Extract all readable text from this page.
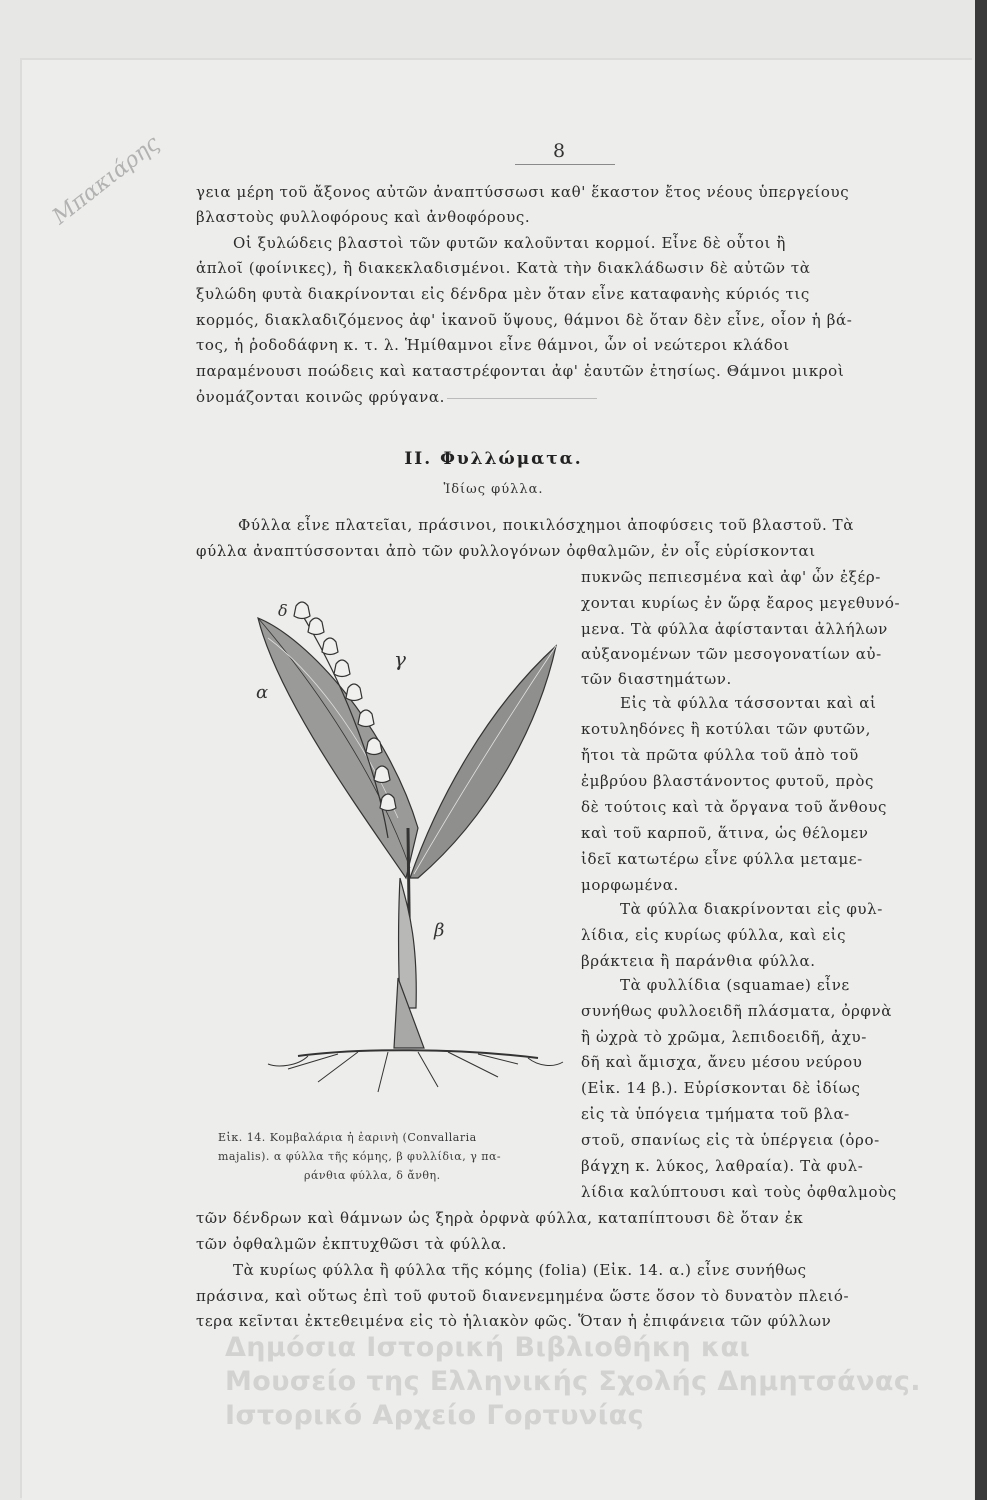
Μπακιάρης	8
γεια μέρη τοῦ ἄξονος αὐτῶν ἀναπτύσσωσι καθ' ἕκαστον ἔτος νέους ὑπεργείους
βλαστοὺς φυλλοφόρους καὶ ἀνθοφόρους.
Οἱ ξυλώδεις βλαστοὶ τῶν φυτῶν καλοῦνται κορμοί. Εἶνε δὲ οὗτοι ἢ
ἁπλοῖ (φοίνικες), ἢ διακεκλαδισμένοι. Κατὰ τὴν διακλάδωσιν δὲ αὐτῶν τὰ
ξυλώδη φυτὰ διακρίνονται εἰς δένδρα μὲν ὅταν εἶνε καταφανὴς κύριός τις
κορμός, διακλαδιζόμενος ἀφ' ἱκανοῦ ὕψους, θάμνοι δὲ ὅταν δὲν εἶνε, οἷον ἡ βά-
τος, ἡ ῥοδοδάφνη κ. τ. λ. Ἡμίθαμνοι εἶνε θάμνοι, ὧν οἱ νεώτεροι κλάδοι
παραμένουσι ποώδεις καὶ καταστρέφονται ἀφ' ἑαυτῶν ἐτησίως. Θάμνοι μικροὶ
ὀνομάζονται κοινῶς φρύγανα.
ΙΙ. Φυλλώματα.
Ἰδίως φύλλα.
Φύλλα εἶνε πλατεῖαι, πράσινοι, ποικιλόσχημοι ἀποφύσεις τοῦ βλαστοῦ. Τὰ
φύλλα ἀναπτύσσονται ἀπὸ τῶν φυλλογόνων ὀφθαλμῶν, ἐν οἷς εὑρίσκονται
πυκνῶς πεπιεσμένα καὶ ἀφ' ὧν ἐξέρ-
χονται κυρίως ἐν ὥρᾳ ἔαρος μεγεθυνό-
μενα. Τὰ φύλλα ἀφίστανται ἀλλήλων
αὐξανομένων τῶν μεσογονατίων αὐ-
τῶν διαστημάτων.
Εἰς τὰ φύλλα τάσσονται καὶ αἱ
κοτυληδόνες ἢ κοτύλαι τῶν φυτῶν,
ἤτοι τὰ πρῶτα φύλλα τοῦ ἀπὸ τοῦ
ἐμβρύου βλαστάνοντος φυτοῦ, πρὸς
δὲ τούτοις καὶ τὰ ὄργανα τοῦ ἄνθους
καὶ τοῦ καρποῦ, ἅτινα, ὡς θέλομεν
ἰδεῖ κατωτέρω εἶνε φύλλα μεταμε-
μορφωμένα.
Τὰ φύλλα διακρίνονται εἰς φυλ-
λίδια, εἰς κυρίως φύλλα, καὶ εἰς
βράκτεια ἢ παράνθια φύλλα.
Τὰ φυλλίδια (squamae) εἶνε
συνήθως φυλλοειδῆ πλάσματα, ὀρφνὰ
ἢ ὠχρὰ τὸ χρῶμα, λεπιδοειδῆ, ἀχυ-
δῆ καὶ ἄμισχα, ἄνευ μέσου νεύρου
(Εἰκ. 14 β.). Εὑρίσκονται δὲ ἰδίως
εἰς τὰ ὑπόγεια τμήματα τοῦ βλα-
στοῦ, σπανίως εἰς τὰ ὑπέργεια (ὀρο-
βάγχη κ. λύκος, λαθραία). Τὰ φυλ-
λίδια καλύπτουσι καὶ τοὺς ὀφθαλμοὺς
α
β
γ
δ
Εἰκ. 14. Κομβαλάρια ἡ ἐαρινὴ (Convallaria
majalis). α φύλλα τῆς κόμης, β φυλλίδια, γ πα-
ράνθια φύλλα, δ ἄνθη.
τῶν δένδρων καὶ θάμνων ὡς ξηρὰ ὀρφνὰ φύλλα, καταπίπτουσι δὲ ὅταν ἐκ
τῶν ὀφθαλμῶν ἐκπτυχθῶσι τὰ φύλλα.
Τὰ κυρίως φύλλα ἢ φύλλα τῆς κόμης (folia) (Εἰκ. 14. α.) εἶνε συνήθως
πράσινα, καὶ οὕτως ἐπὶ τοῦ φυτοῦ διανενεμημένα ὥστε ὅσον τὸ δυνατὸν πλειό-
τερα κεῖνται ἐκτεθειμένα εἰς τὸ ἡλιακὸν φῶς. Ὅταν ἡ ἐπιφάνεια τῶν φύλλων
Δημόσια Ιστορική Βιβλιοθήκη και
Μουσείο της Ελληνικής Σχολής Δημητσάνας.
Ιστορικό Αρχείο Γορτυνίας
